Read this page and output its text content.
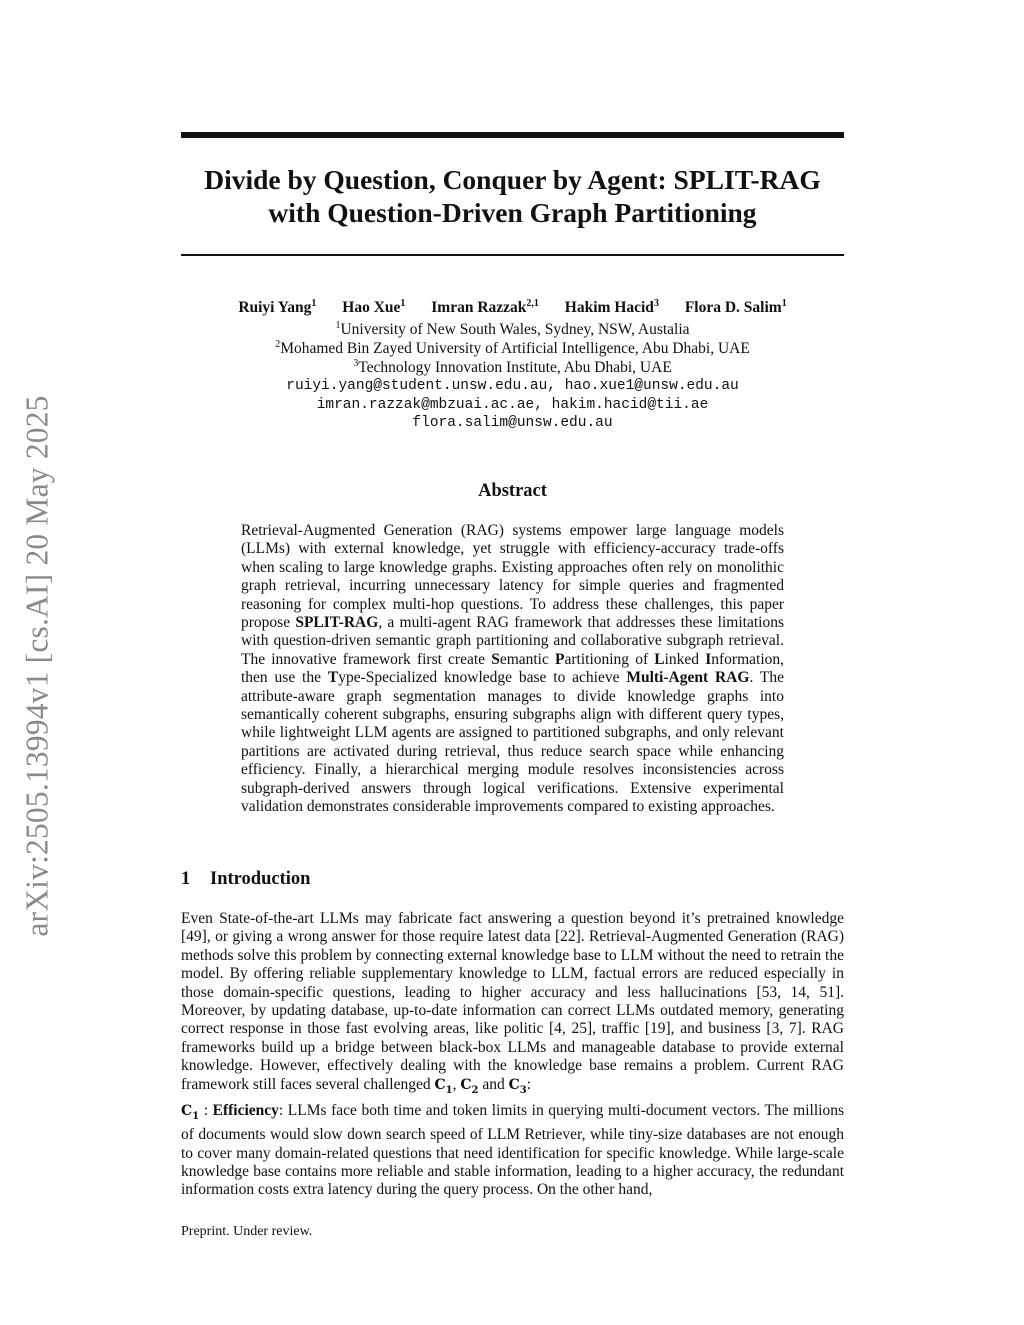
arXiv:2505.13994v1 [cs.AI] 20 May 2025
Divide by Question, Conquer by Agent: SPLIT-RAG
with Question-Driven Graph Partitioning
Ruiyi Yang$^1$ Hao Xue$^1$ Imran Razzak$^{2,1}$ Hakim Hacid$^3$ Flora D. Salim$^1$
$^1$University of New South Wales, Sydney, NSW, Austalia
$^2$Mohamed Bin Zayed University of Artificial Intelligence, Abu Dhabi, UAE
$^3$Technology Innovation Institute, Abu Dhabi, UAE
ruiyi.yang@student.unsw.edu.au, hao.xue1@unsw.edu.au
imran.razzak@mbzuai.ac.ae, hakim.hacid@tii.ae
flora.salim@unsw.edu.au
Abstract

Retrieval-Augmented Generation (RAG) systems empower large language models (LLMs) with external knowledge, yet struggle with efficiency-accuracy trade-offs when scaling to large knowledge graphs. Existing approaches often rely on monolithic graph retrieval, incurring unnecessary latency for simple queries and fragmented reasoning for complex multi-hop questions. To address these challenges, this paper propose SPLIT-RAG, a multi-agent RAG framework that addresses these limitations with question-driven semantic graph partitioning and collaborative subgraph retrieval. The innovative framework first create Semantic Partitioning of Linked Information, then use the Type-Specialized knowledge base to achieve Multi-Agent RAG. The attribute-aware graph segmentation manages to divide knowledge graphs into semantically coherent subgraphs, ensuring subgraphs align with different query types, while lightweight LLM agents are assigned to partitioned subgraphs, and only relevant partitions are activated during retrieval, thus reduce search space while enhancing efficiency. Finally, a hierarchical merging module resolves inconsistencies across subgraph-derived answers through logical verifications. Extensive experimental validation demonstrates considerable improvements compared to existing approaches.

1 Introduction

Even State-of-the-art LLMs may fabricate fact answering a question beyond it’s pretrained knowledge [49], or giving a wrong answer for those require latest data [22]. Retrieval-Augmented Generation (RAG) methods solve this problem by connecting external knowledge base to LLM without the need to retrain the model. By offering reliable supplementary knowledge to LLM, factual errors are reduced especially in those domain-specific questions, leading to higher accuracy and less hallucinations [53, 14, 51]. Moreover, by updating database, up-to-date information can correct LLMs outdated memory, generating correct response in those fast evolving areas, like politic [4, 25], traffic [19], and business [3, 7]. RAG frameworks build up a bridge between black-box LLMs and manageable database to provide external knowledge. However, effectively dealing with the knowledge base remains a problem. Current RAG framework still faces several challenged $C_1$, $C_2$ and $C_3$:

$C_1$ : Efficiency: LLMs face both time and token limits in querying multi-document vectors. The millions of documents would slow down search speed of LLM Retriever, while tiny-size databases are not enough to cover many domain-related questions that need identification for specific knowledge. While large-scale knowledge base contains more reliable and stable information, leading to a higher accuracy, the redundant information costs extra latency during the query process. On the other hand,

Preprint. Under review.
